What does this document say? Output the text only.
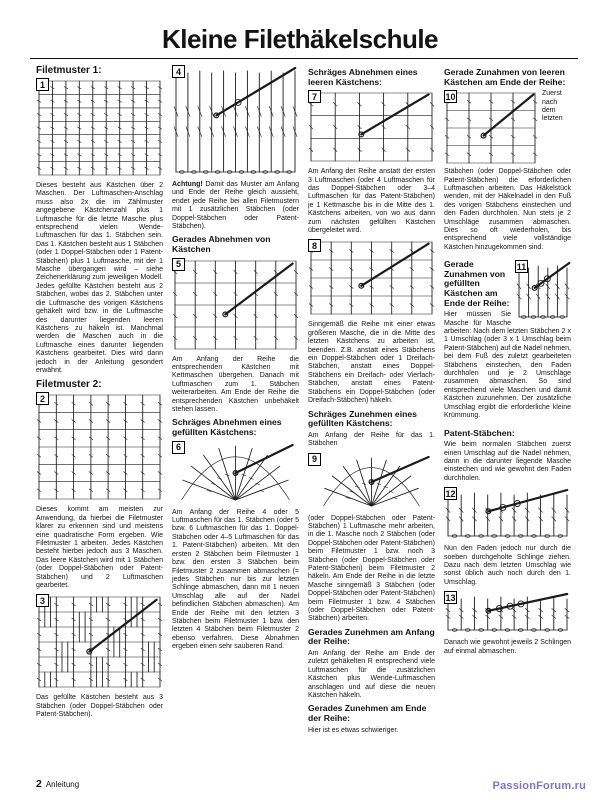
Kleine Filethäkelschule
Filetmuster 1:
1

Dieses besteht aus Kästchen über 2 Maschen. Der Luftmaschen-Anschlag muss also 2x die im Zählmuster angegebene Kästchenzahl plus 1 Luftmasche für die letzte Masche plus entsprechend vielen Wende-Luftmaschen für das 1. Stäbchen sein. Das 1. Kästchen besteht aus 1 Stäbchen (oder 1 Doppel-Stäbchen oder 1 Patent-Stäbchen) plus 1 Luftmasche, mit der 1 Masche übergangen wird – siehe Zeichenerklärung zum jeweiligen Modell. Jedes gefüllte Kästchen besteht aus 2 Stäbchen, wobei das 2. Stäbchen unter die Luftmasche des vorigen Kästchens gehäkelt wird bzw. in die Luftmasche des darunter liegenden leeren Kästchens zu häkeln ist. Manchmal werden die Maschen auch in die Luftmasche eines darunter liegenden Kästchens gearbeitet. Dies wird dann jedoch in der Anleitung gesondert erwähnt.

Filetmuster 2:
2

Dieses kommt am meisten zur Anwendung, da hierbei die Filetmuster klarer zu erkennen sind und meistens eine quadratische Form ergeben. Wie Filetmuster 1 arbeiten. Jedes Kästchen besteht hierbei jedoch aus 3 Maschen. Das leere Kästchen wird mit 1 Stäbchen (oder Doppel-Stäbchen oder Patent-Stäbchen) und 2 Luftmaschen gearbeitet.

3

Das gefüllte Kästchen besteht aus 3 Stäbchen (oder Doppel-Stäbchen oder Patent-Stäbchen).

4

Achtung! Damit das Muster am Anfang und Ende der Reihe gleich aussieht, endet jede Reihe bei allen Filetmustern mit 1 zusätzlichen Stäbchen (oder Doppel-Stäbchen oder Patent-Stäbchen).

Gerades Abnehmen von Kästchen
5

Am Anfang der Reihe die entsprechenden Kästchen mit Kettmaschen übergehen. Danach mit Luftmaschen zum 1. Stäbchen weiterarbeiten. Am Ende der Reihe die entsprechenden Kästchen unbehäkelt stehen lassen.

Schräges Abnehmen eines gefüllten Kästchens:
6

Am Anfang der Reihe 4 oder 5 Luftmaschen für das 1. Stäbchen (oder 5 bzw. 6 Luftmaschen für das 1. Doppel-Stäbchen oder 4–5 Luftmaschen für das 1. Patent-Stäbchen) arbeiten. Mit den ersten 2 Stäbchen beim Filetmuster 1 bzw. den ersten 3 Stäbchen beim Filetmuster 2 zusammen abmaschen (= jedes Stäbchen nur bis zur letzten Schlinge abmaschen, dann mit 1 neuen Umschlag alle auf der Nadel befindlichen Stäbchen abmaschen). Am Ende der Reihe mit den letzten 3 Stäbchen beim Filetmuster 1 bzw. den letzten 4 Stäbchen beim Filetmuster 2 ebenso verfahren. Diese Abnahmen ergeben einen sehr sauberen Rand.

Schräges Abnehmen eines leeren Kästchens:
7

Am Anfang der Reihe anstatt der ersten 3 Luftmaschen (oder 4 Luftmaschen für das Doppel-Stäbchen oder 3–4 Luftmaschen für das Patent-Stäbchen) je 1 Kettmasche bis in die Mitte des 1. Kästchens arbeiten, von wo aus dann zum nächsten gefüllten Kästchen übergeleitet wird.

8

Sinngemäß die Reihe mit einer etwas größeren Masche, die in die Mitte des letzten Kästchens zu arbeiten ist, beenden. Z.B. anstatt eines Stäbchens ein Doppel-Stäbchen oder 1 Dreifach-Stäbchen, anstatt eines Doppel-Stäbchens ein Dreifach- oder Vierfach-Stäbchen, anstatt eines Patent-Stäbchens ein Doppel-Stäbchen (oder Dreifach-Stäbchen) häkeln.

Schräges Zunehmen eines gefüllten Kästchens:

Am Anfang der Reihe für das 1. Stäbchen

9

(oder Doppel-Stäbchen oder Patent-Stäbchen) 1 Luftmasche mehr arbeiten, in die 1. Masche noch 2 Stäbchen (oder Doppel-Stäbchen oder Patent-Stäbchen) beim Filetmuster 1 bzw. noch 3 Stäbchen (oder Doppel-Stäbchen oder Patent-Stäbchen) beim Filetmuster 2 häkeln. Am Ende der Reihe in die letzte Masche sinngemäß 3 Stäbchen (oder Doppel-Stäbchen oder Patent-Stäbchen) beim Filetmuster 1 bzw. 4 Stäbchen (oder Doppel-Stäbchen oder Patent-Stäbchen) arbeiten.

Gerades Zunehmen am Anfang der Reihe:

Am Anfang der Reihe am Ende der zuletzt gehäkelten R entsprechend viele Luftmaschen für die zusätzlichen Kästchen plus Wende-Luftmaschen anschlagen und auf diese die neuen Kästchen häkeln.

Gerades Zunehmen am Ende der Reihe:

Hier ist es etwas schwieriger.

Gerade Zunahmen von leeren Kästchen am Ende der Reihe:
10	Zuerst nach dem letzten Stäbchen (oder Doppel-Stäbchen oder Patent-Stäbchen) die erforderlichen Luftmaschen arbeiten. Das Häkelstück wenden, mit der Häkelnadel in den Fuß des vorigen Stäbchens einstechen und den Faden durchholen. Nun stets je 2 Umschläge zusammen abmaschen. Dies so oft wiederholen, bis entsprechend viele vollständige Kästchen hinzugekommen sind.

11
Gerade Zunahmen von gefüllten Kästchen am Ende der Reihe:

Hier müssen Sie Masche für Masche arbeiten: Nach dem letzten Stäbchen 2 x 1 Umschlag (oder 3 x 1 Umschlag beim Patent-Stäbchen) auf die Nadel nehmen, bei dem Fuß des zuletzt gearbeiteten Stäbchens einstechen, den Faden durchholen und je 2 Umschläge zusammen abmaschen. So sind entsprechend viele Maschen und damit Kästchen zuzunehmen. Der zusätzliche Umschlag ergibt die erforderliche kleine Krümmung.

Patent-Stäbchen:

Wie beim normalen Stäbchen zuerst einen Umschlag auf die Nadel nehmen, dann in die darunter liegende Masche einstechen und wie gewohnt den Faden durchholen.

12

Nun den Faden jedoch nur durch die soeben durchgeholte Schlinge ziehen. Dazu nach dem letzten Umschlag wie sonst üblich auch noch durch den 1. Umschlag.

13

Danach wie gewohnt jeweils 2 Schlingen auf einmal abmaschen.

2 Anleitung	PassionForum.ru
